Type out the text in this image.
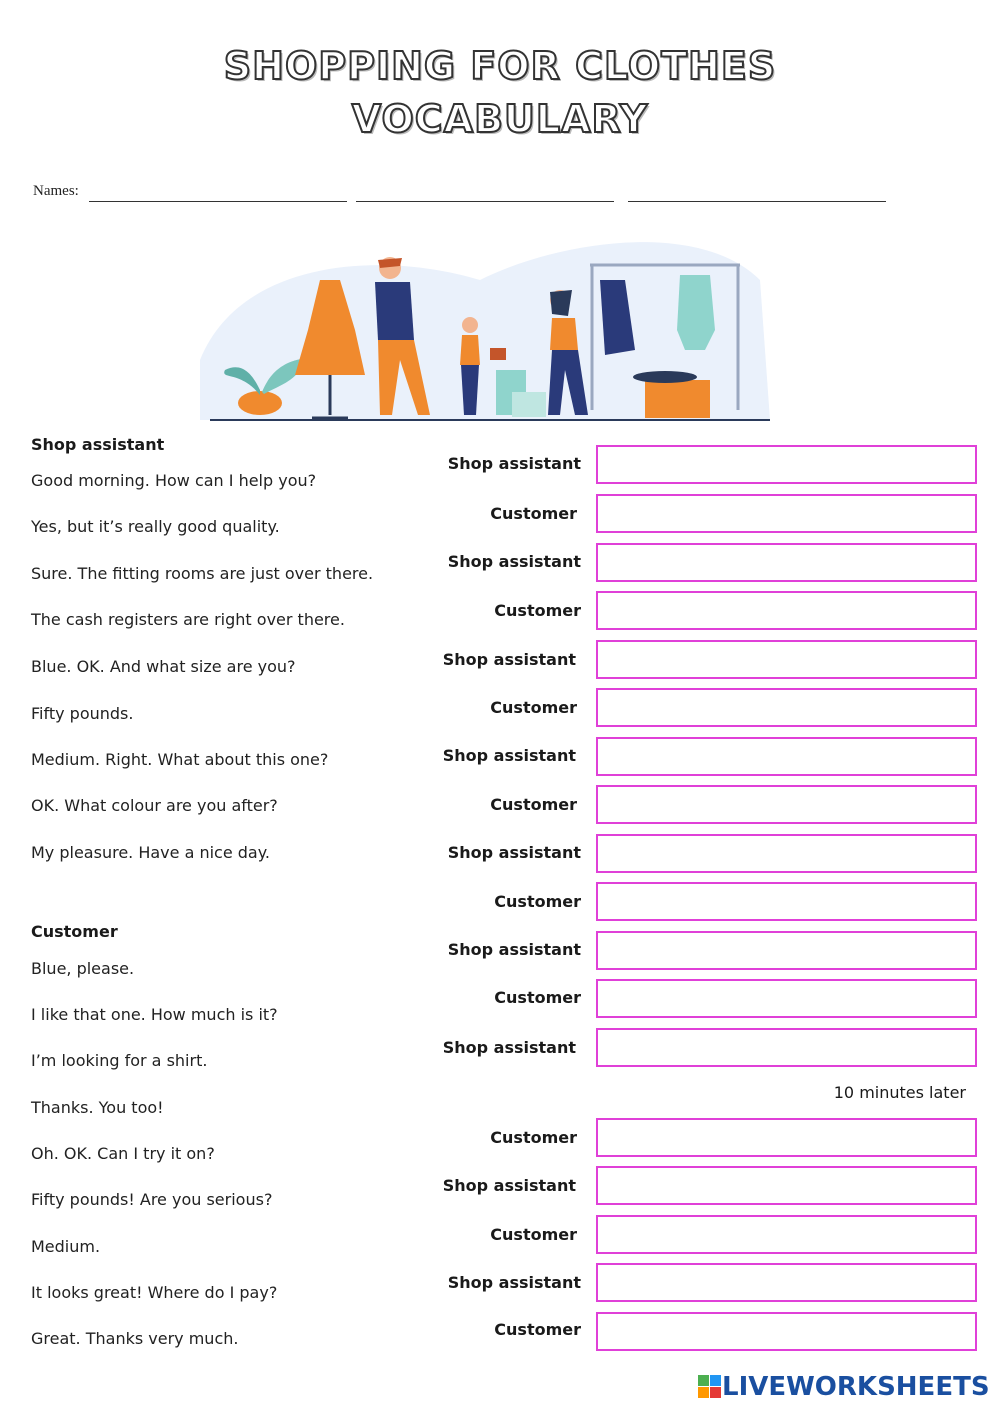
SHOPPING FOR CLOTHES
VOCABULARY
Names:
Shop assistant
Good morning. How can I help you?
Yes, but it’s really good quality.
Sure. The fitting rooms are just over there.
The cash registers are right over there.
Blue. OK. And what size are you?
Fifty pounds.
Medium. Right. What about this one?
OK. What colour are you after?
My pleasure. Have a nice day.
Customer
Blue, please.
I like that one. How much is it?
I’m looking for a shirt.
Thanks. You too!
Oh. OK. Can I try it on?
Fifty pounds! Are you serious?
Medium.
It looks great! Where do I pay?
Great. Thanks very much.
Shop assistant
Customer
Shop assistant
Customer
Shop assistant
Customer
Shop assistant
Customer
Shop assistant
Customer
Shop assistant
Customer
Shop assistant
10 minutes later
Customer
Shop assistant
Customer
Shop assistant
Customer
LIVEWORKSHEETS
